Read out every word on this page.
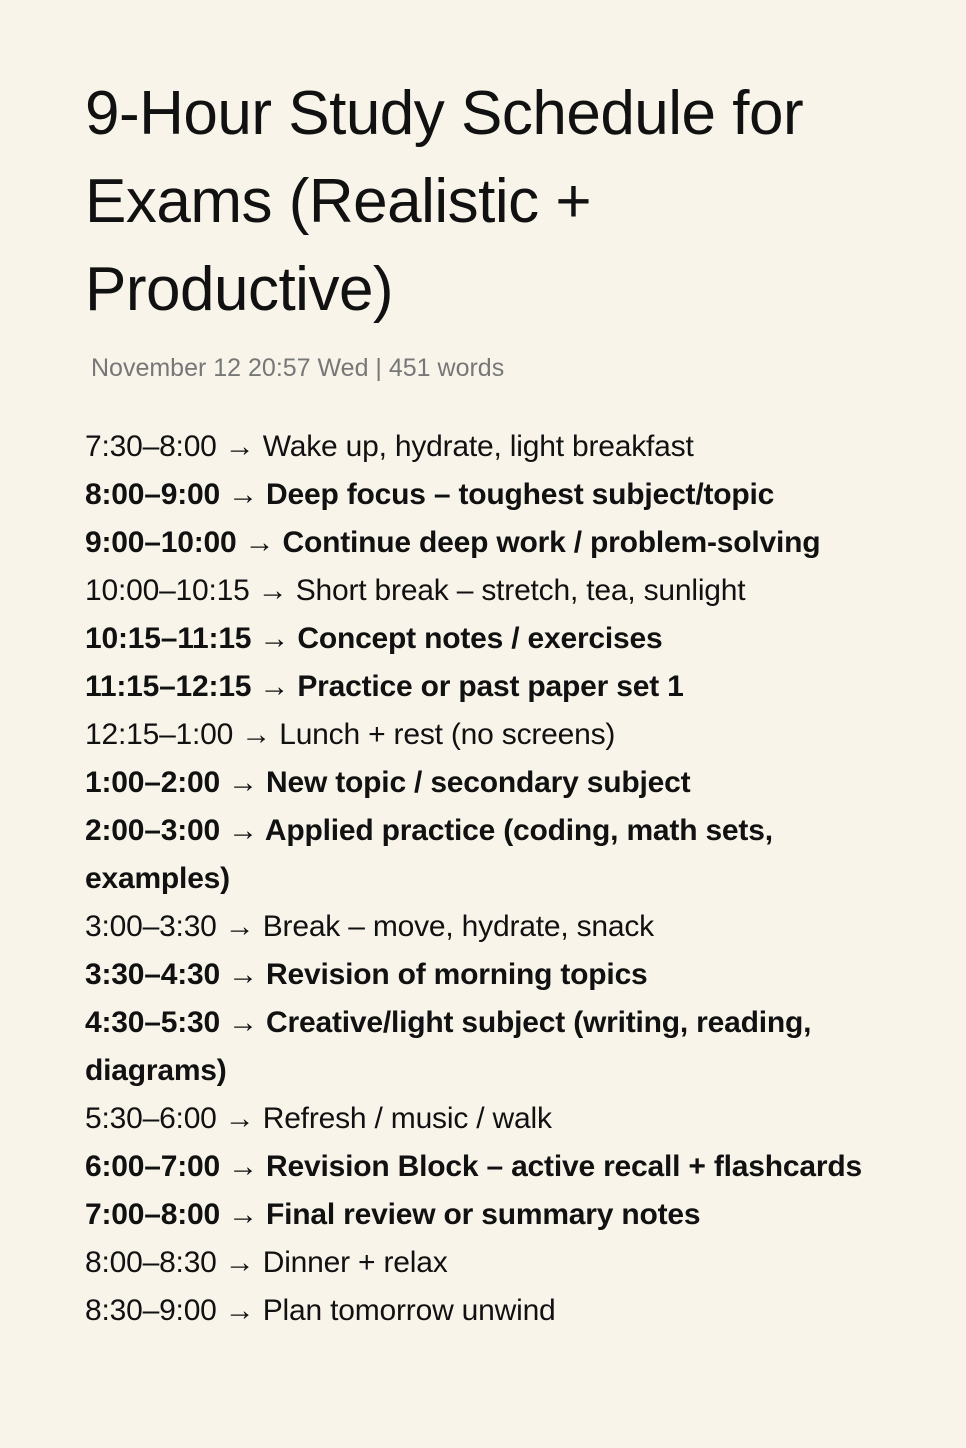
9-Hour Study Schedule for Exams (Realistic + Productive)
November 12 20:57 Wed | 451 words
7:30–8:00 → Wake up, hydrate, light breakfast
8:00–9:00 → Deep focus – toughest subject/topic
9:00–10:00 → Continue deep work / problem-solving
10:00–10:15 → Short break – stretch, tea, sunlight
10:15–11:15 → Concept notes / exercises
11:15–12:15 → Practice or past paper set 1
12:15–1:00 → Lunch + rest (no screens)
1:00–2:00 → New topic / secondary subject
2:00–3:00 → Applied practice (coding, math sets, examples)
3:00–3:30 → Break – move, hydrate, snack
3:30–4:30 → Revision of morning topics
4:30–5:30 → Creative/light subject (writing, reading, diagrams)
5:30–6:00 → Refresh / music / walk
6:00–7:00 → Revision Block – active recall + flashcards
7:00–8:00 → Final review or summary notes
8:00–8:30 → Dinner + relax
8:30–9:00 → Plan tomorrow unwind
